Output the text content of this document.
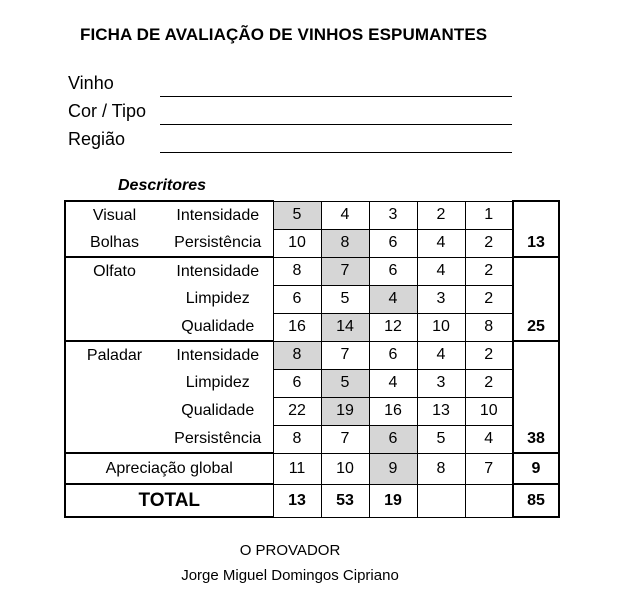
FICHA DE AVALIAÇÃO DE VINHOS ESPUMANTES
Vinho
Cor / Tipo
Região
Descritores
Visual	Intensidade	5	4	3	2	1	
Bolhas	Persistência	10	8	6	4	2	13
Olfato	Intensidade	8	7	6	4	2	
	Limpidez	6	5	4	3	2	
	Qualidade	16	14	12	10	8	25
Paladar	Intensidade	8	7	6	4	2	
	Limpidez	6	5	4	3	2	
	Qualidade	22	19	16	13	10	
	Persistência	8	7	6	5	4	38
Apreciação global		11	10	9	8	7	9
TOTAL		13	53	19			85
O PROVADOR
Jorge Miguel Domingos Cipriano
